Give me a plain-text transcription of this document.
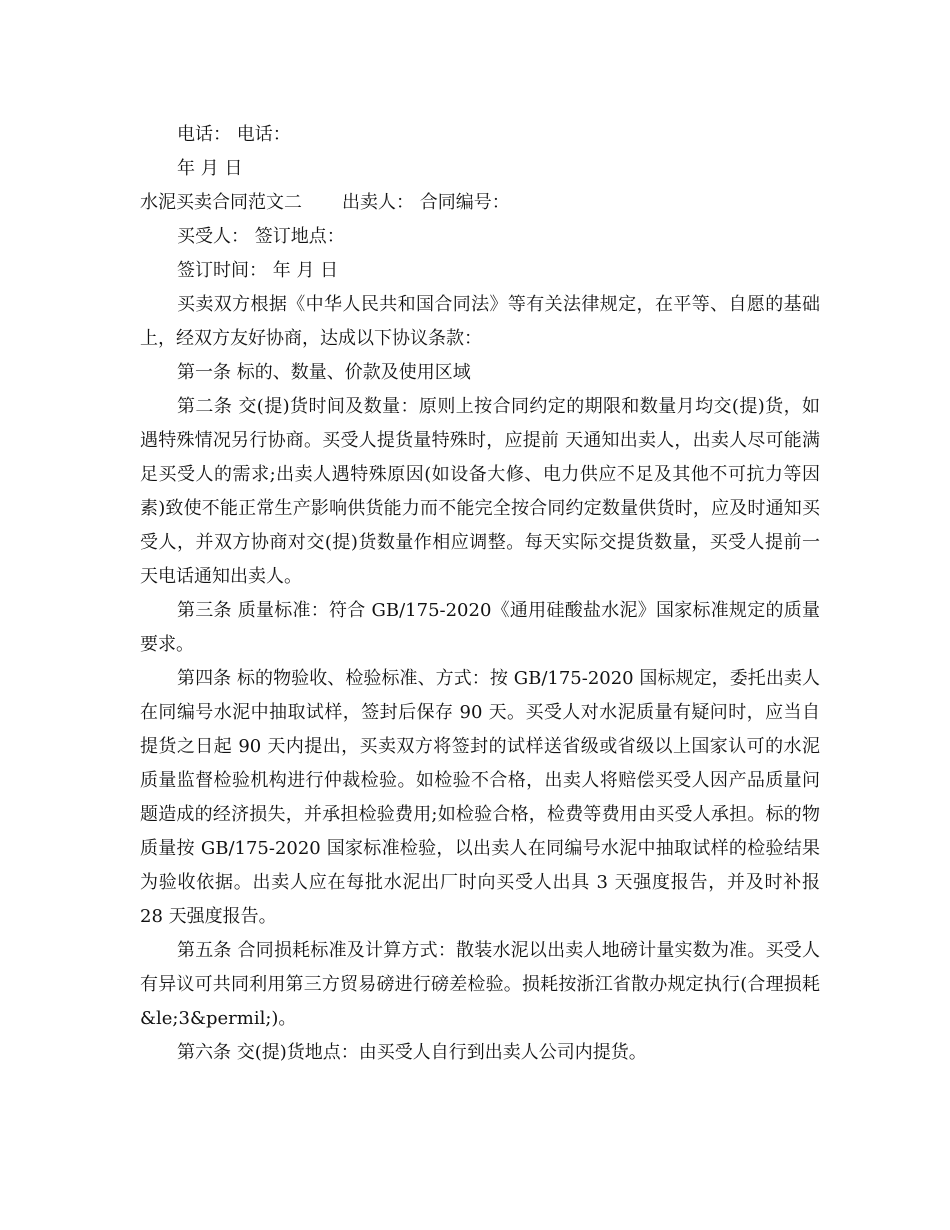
电话： 电话：

年 月 日

水泥买卖合同范文二 出卖人： 合同编号：

买受人： 签订地点：

签订时间： 年 月 日

买卖双方根据《中华人民共和国合同法》等有关法律规定，在平等、自愿的基础上，经双方友好协商，达成以下协议条款：

第一条 标的、数量、价款及使用区域

第二条 交(提)货时间及数量：原则上按合同约定的期限和数量月均交(提)货，如遇特殊情况另行协商。买受人提货量特殊时，应提前 天通知出卖人，出卖人尽可能满足买受人的需求;出卖人遇特殊原因(如设备大修、电力供应不足及其他不可抗力等因素)致使不能正常生产影响供货能力而不能完全按合同约定数量供货时，应及时通知买受人，并双方协商对交(提)货数量作相应调整。每天实际交提货数量，买受人提前一天电话通知出卖人。

第三条 质量标准：符合 GB/175-2020《通用硅酸盐水泥》国家标准规定的质量要求。

第四条 标的物验收、检验标准、方式：按 GB/175-2020 国标规定，委托出卖人在同编号水泥中抽取试样，签封后保存 90 天。买受人对水泥质量有疑问时，应当自提货之日起 90 天内提出，买卖双方将签封的试样送省级或省级以上国家认可的水泥质量监督检验机构进行仲裁检验。如检验不合格，出卖人将赔偿买受人因产品质量问题造成的经济损失，并承担检验费用;如检验合格，检费等费用由买受人承担。标的物质量按 GB/175-2020 国家标准检验，以出卖人在同编号水泥中抽取试样的检验结果为验收依据。出卖人应在每批水泥出厂时向买受人出具 3 天强度报告，并及时补报 28 天强度报告。

第五条 合同损耗标准及计算方式：散装水泥以出卖人地磅计量实数为准。买受人有异议可共同利用第三方贸易磅进行磅差检验。损耗按浙江省散办规定执行(合理损耗&le;3&permil;)。

第六条 交(提)货地点：由买受人自行到出卖人公司内提货。
